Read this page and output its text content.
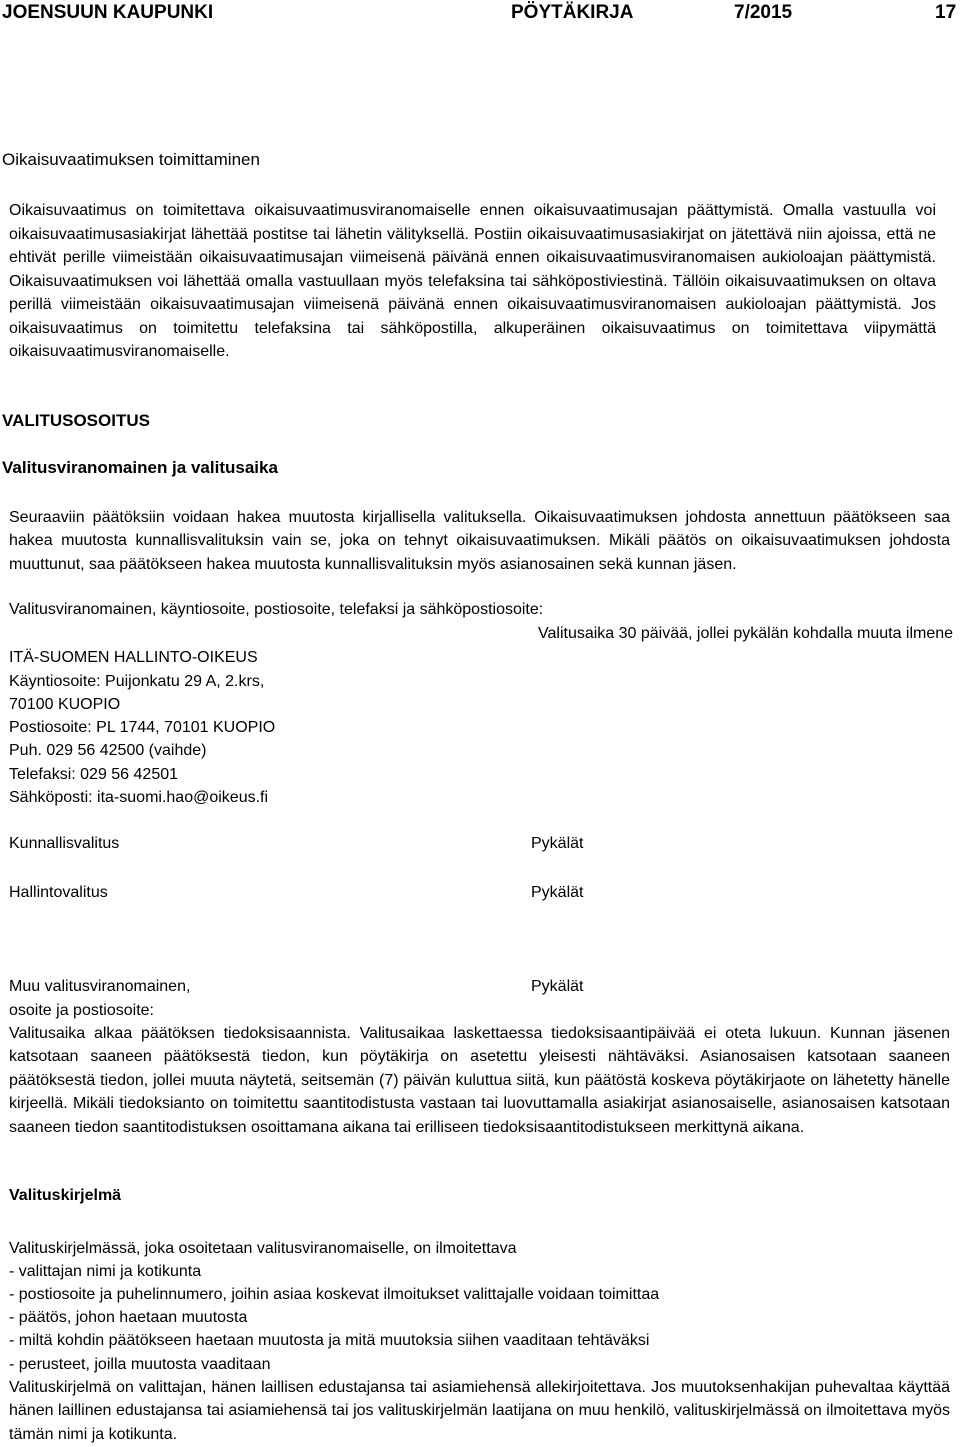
JOENSUUN KAUPUNKI	PÖYTÄKIRJA	7/2015	17
Oikaisuvaatimuksen toimittaminen
Oikaisuvaatimus on toimitettava oikaisuvaatimusviranomaiselle ennen oikaisuvaatimusajan päättymistä. Omalla vastuulla voi oikaisuvaatimusasiakirjat lähettää postitse tai lähetin välityksellä. Postiin oikaisuvaatimusasiakirjat on jätettävä niin ajoissa, että ne ehtivät perille viimeistään oikaisuvaatimusajan viimeisenä päivänä ennen oikaisuvaatimusviranomaisen aukioloajan päättymistä. Oikaisuvaatimuksen voi lähettää omalla vastuullaan myös telefaksina tai sähköpostiviestinä. Tällöin oikaisuvaatimuksen on oltava perillä viimeistään oikaisuvaatimusajan viimeisenä päivänä ennen oikaisuvaatimusviranomaisen aukioloajan päättymistä. Jos oikaisuvaatimus on toimitettu telefaksina tai sähköpostilla, alkuperäinen oikaisuvaatimus on toimitettava viipymättä oikaisuvaatimusviranomaiselle.
VALITUSOSOITUS
Valitusviranomainen ja valitusaika
Seuraaviin päätöksiin voidaan hakea muutosta kirjallisella valituksella. Oikaisuvaatimuksen johdosta annettuun päätökseen saa hakea muutosta kunnallisvalituksin vain se, joka on tehnyt oikaisuvaatimuksen. Mikäli päätös on oikaisuvaatimuksen johdosta muuttunut, saa päätökseen hakea muutosta kunnallisvalituksin myös asianosainen sekä kunnan jäsen.
Valitusviranomainen, käyntiosoite, postiosoite, telefaksi ja sähköpostiosoite:
Valitusaika 30 päivää, jollei pykälän kohdalla muuta ilmene
ITÄ-SUOMEN HALLINTO-OIKEUS
Käyntiosoite: Puijonkatu 29 A, 2.krs,
70100 KUOPIO
Postiosoite: PL 1744, 70101 KUOPIO
Puh. 029 56 42500 (vaihde)
Telefaksi: 029 56 42501
Sähköposti: ita-suomi.hao@oikeus.fi
Kunnallisvalitus	Pykälät
Hallintovalitus	Pykälät
Muu valitusviranomainen,	Pykälät
osoite ja postiosoite:
Valitusaika alkaa päätöksen tiedoksisaannista. Valitusaikaa laskettaessa tiedoksisaantipäivää ei oteta lukuun. Kunnan jäsenen katsotaan saaneen päätöksestä tiedon, kun pöytäkirja on asetettu yleisesti nähtäväksi. Asianosaisen katsotaan saaneen päätöksestä tiedon, jollei muuta näytetä, seitsemän (7) päivän kuluttua siitä, kun päätöstä koskeva pöytäkirjaote on lähetetty hänelle kirjeellä. Mikäli tiedoksianto on toimitettu saantitodistusta vastaan tai luovuttamalla asiakirjat asianosaiselle, asianosaisen katsotaan saaneen tiedon saantitodistuksen osoittamana aikana tai erilliseen tiedoksisaantitodistukseen merkittynä aikana.
Valituskirjelmä
Valituskirjelmässä, joka osoitetaan valitusviranomaiselle, on ilmoitettava
- valittajan nimi ja kotikunta
- postiosoite ja puhelinnumero, joihin asiaa koskevat ilmoitukset valittajalle voidaan toimittaa
- päätös, johon haetaan muutosta
- miltä kohdin päätökseen haetaan muutosta ja mitä muutoksia siihen vaaditaan tehtäväksi
- perusteet, joilla muutosta vaaditaan
Valituskirjelmä on valittajan, hänen laillisen edustajansa tai asiamiehensä allekirjoitettava. Jos muutoksenhakijan puhevaltaa käyttää hänen laillinen edustajansa tai asiamiehensä tai jos valituskirjelmän laatijana on muu henkilö, valituskirjelmässä on ilmoitettava myös tämän nimi ja kotikunta.
